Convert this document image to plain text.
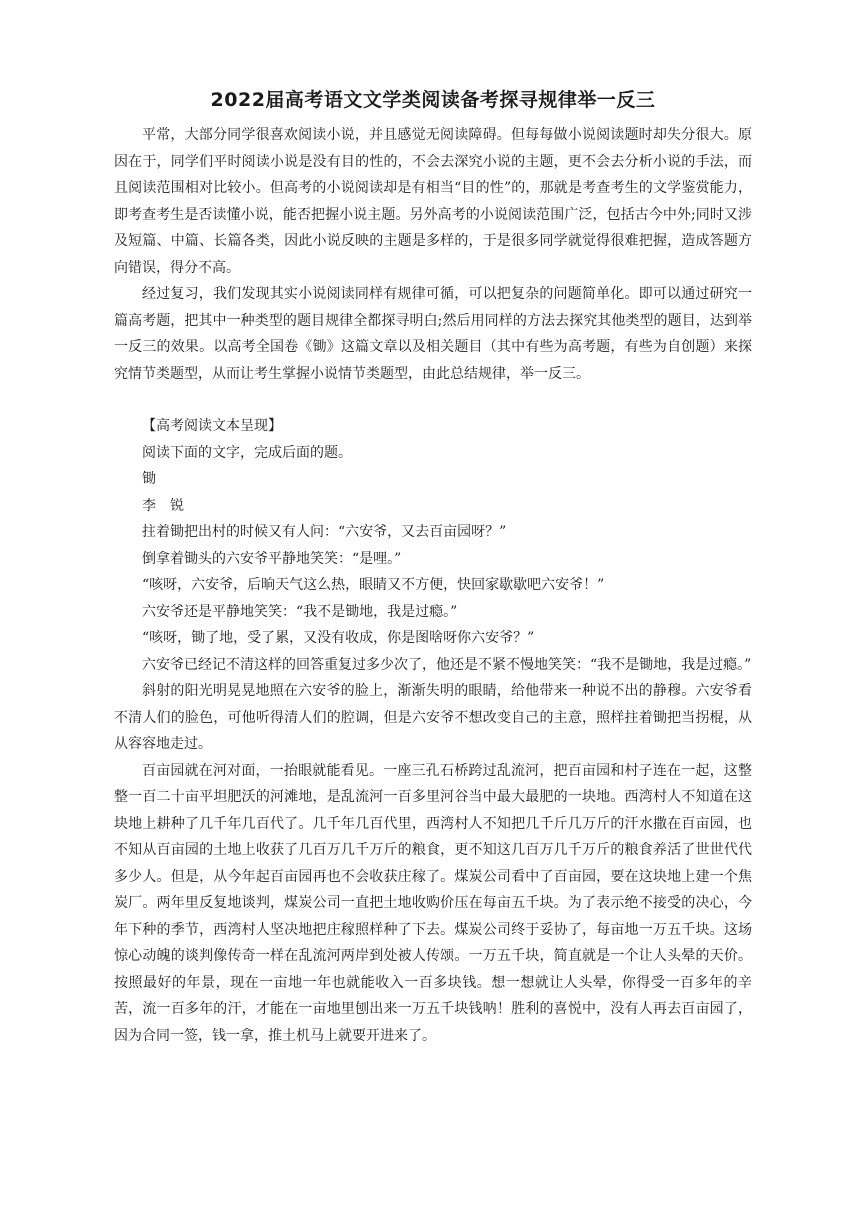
2022届高考语文文学类阅读备考探寻规律举一反三

平常，大部分同学很喜欢阅读小说，并且感觉无阅读障碍。但每每做小说阅读题时却失分很大。原因在于，同学们平时阅读小说是没有目的性的，不会去深究小说的主题，更不会去分析小说的手法，而且阅读范围相对比较小。但高考的小说阅读却是有相当“目的性”的，那就是考查考生的文学鉴赏能力，即考查考生是否读懂小说，能否把握小说主题。另外高考的小说阅读范围广泛，包括古今中外;同时又涉及短篇、中篇、长篇各类，因此小说反映的主题是多样的，于是很多同学就觉得很难把握，造成答题方向错误，得分不高。

经过复习，我们发现其实小说阅读同样有规律可循，可以把复杂的问题简单化。即可以通过研究一篇高考题，把其中一种类型的题目规律全都探寻明白;然后用同样的方法去探究其他类型的题目，达到举一反三的效果。以高考全国卷《锄》这篇文章以及相关题目（其中有些为高考题，有些为自创题）来探究情节类题型，从而让考生掌握小说情节类题型，由此总结规律，举一反三。

【高考阅读文本呈现】

阅读下面的文字，完成后面的题。

锄

李　锐

拄着锄把出村的时候又有人问：“六安爷，又去百亩园呀？”

倒拿着锄头的六安爷平静地笑笑：“是哩。”

“咳呀，六安爷，后晌天气这么热，眼睛又不方便，快回家歇歇吧六安爷！”

六安爷还是平静地笑笑：“我不是锄地，我是过瘾。”

“咳呀，锄了地，受了累，又没有收成，你是图啥呀你六安爷？”

六安爷已经记不清这样的回答重复过多少次了，他还是不紧不慢地笑笑：“我不是锄地，我是过瘾。”

斜射的阳光明晃晃地照在六安爷的脸上，渐渐失明的眼睛，给他带来一种说不出的静穆。六安爷看不清人们的脸色，可他听得清人们的腔调，但是六安爷不想改变自己的主意，照样拄着锄把当拐棍，从从容容地走过。

百亩园就在河对面，一抬眼就能看见。一座三孔石桥跨过乱流河，把百亩园和村子连在一起，这整整一百二十亩平坦肥沃的河滩地，是乱流河一百多里河谷当中最大最肥的一块地。西湾村人不知道在这块地上耕种了几千年几百代了。几千年几百代里，西湾村人不知把几千斤几万斤的汗水撒在百亩园，也不知从百亩园的土地上收获了几百万几千万斤的粮食，更不知这几百万几千万斤的粮食养活了世世代代多少人。但是，从今年起百亩园再也不会收获庄稼了。煤炭公司看中了百亩园，要在这块地上建一个焦炭厂。两年里反复地谈判，煤炭公司一直把土地收购价压在每亩五千块。为了表示绝不接受的决心，今年下种的季节，西湾村人坚决地把庄稼照样种了下去。煤炭公司终于妥协了，每亩地一万五千块。这场惊心动魄的谈判像传奇一样在乱流河两岸到处被人传颂。一万五千块，简直就是一个让人头晕的天价。按照最好的年景，现在一亩地一年也就能收入一百多块钱。想一想就让人头晕，你得受一百多年的辛苦，流一百多年的汗，才能在一亩地里刨出来一万五千块钱呐！胜利的喜悦中，没有人再去百亩园了，因为合同一签，钱一拿，推土机马上就要开进来了。
